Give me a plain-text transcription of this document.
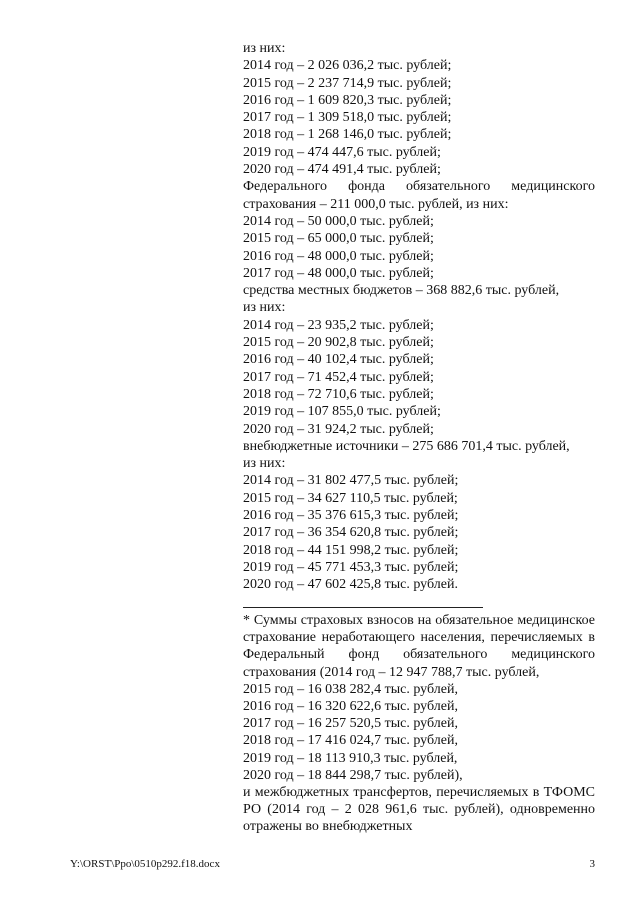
из них:
2014 год – 2 026 036,2 тыс. рублей;
2015 год – 2 237 714,9 тыс. рублей;
2016 год – 1 609 820,3 тыс. рублей;
2017 год – 1 309 518,0 тыс. рублей;
2018 год – 1 268 146,0 тыс. рублей;
2019 год – 474 447,6 тыс. рублей;
2020 год – 474 491,4 тыс. рублей;
Федерального фонда обязательного медицинского страхования – 211 000,0 тыс. рублей, из них:
2014 год – 50 000,0 тыс. рублей;
2015 год – 65 000,0 тыс. рублей;
2016 год – 48 000,0 тыс. рублей;
2017 год – 48 000,0 тыс. рублей;
средства местных бюджетов – 368 882,6 тыс. рублей,
из них:
2014 год – 23 935,2 тыс. рублей;
2015 год – 20 902,8 тыс. рублей;
2016 год – 40 102,4 тыс. рублей;
2017 год – 71 452,4 тыс. рублей;
2018 год – 72 710,6 тыс. рублей;
2019 год – 107 855,0 тыс. рублей;
2020 год – 31 924,2 тыс. рублей;
внебюджетные источники – 275 686 701,4 тыс. рублей,
из них:
2014 год – 31 802 477,5 тыс. рублей;
2015 год – 34 627 110,5 тыс. рублей;
2016 год – 35 376 615,3 тыс. рублей;
2017 год – 36 354 620,8 тыс. рублей;
2018 год – 44 151 998,2 тыс. рублей;
2019 год – 45 771 453,3 тыс. рублей;
2020 год – 47 602 425,8 тыс. рублей.
* Суммы страховых взносов на обязательное медицинское страхование неработающего населения, перечисляемых в Федеральный фонд обязательного медицинского страхования (2014 год – 12 947 788,7 тыс. рублей,
2015 год – 16 038 282,4 тыс. рублей,
2016 год – 16 320 622,6 тыс. рублей,
2017 год – 16 257 520,5 тыс. рублей,
2018 год – 17 416 024,7 тыс. рублей,
2019 год – 18 113 910,3 тыс. рублей,
2020 год – 18 844 298,7 тыс. рублей),
и межбюджетных трансфертов, перечисляемых в ТФОМС РО (2014 год – 2 028 961,6 тыс. рублей), одновременно отражены во внебюджетных
Y:\ORST\Ppo\0510p292.f18.docx	3
